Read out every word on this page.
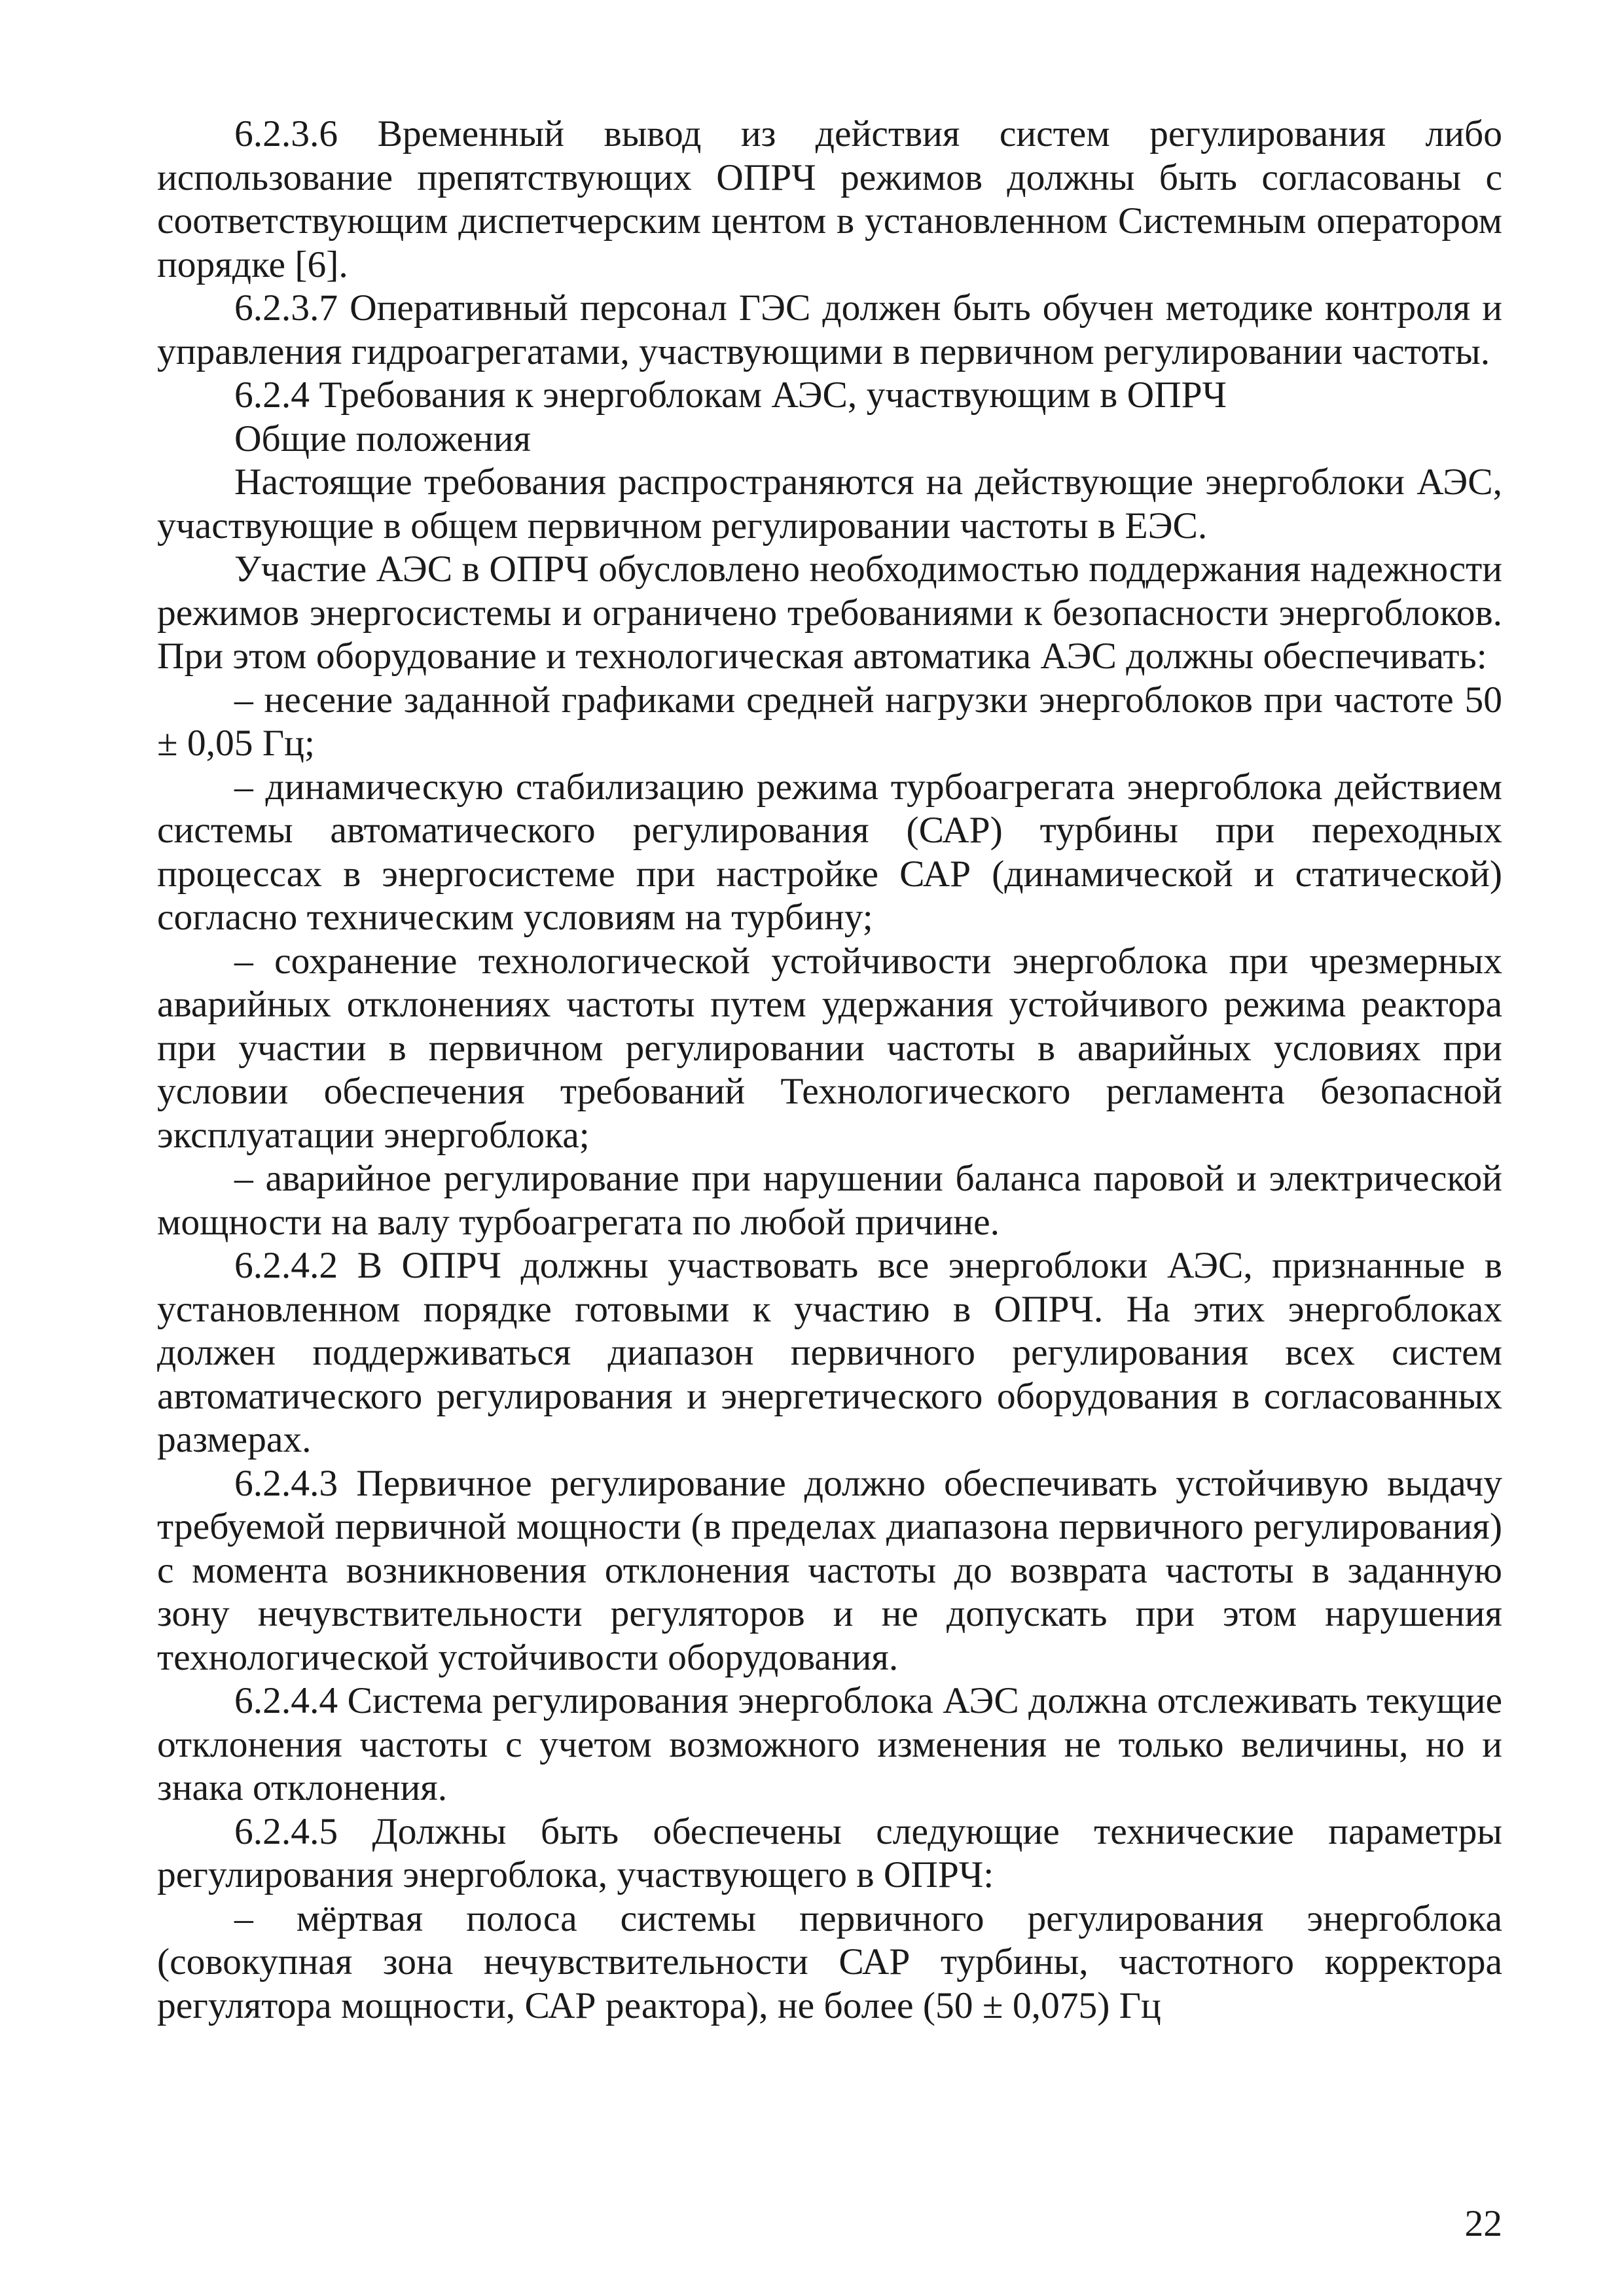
6.2.3.6 Временный вывод из действия систем регулирования либо использование препятствующих ОПРЧ режимов должны быть согласованы с соответствующим диспетчерским центом в установленном Системным оператором порядке [6].

6.2.3.7 Оперативный персонал ГЭС должен быть обучен методике контроля и управления гидроагрегатами, участвующими в первичном регулировании частоты.

6.2.4 Требования к энергоблокам АЭС, участвующим в ОПРЧ

Общие положения

Настоящие требования распространяются на действующие энергоблоки АЭС, участвующие в общем первичном регулировании частоты в ЕЭС.

Участие АЭС в ОПРЧ обусловлено необходимостью поддержания надежности режимов энергосистемы и ограничено требованиями к безопасности энергоблоков. При этом оборудование и технологическая автоматика АЭС должны обеспечивать:

– несение заданной графиками средней нагрузки энергоблоков при частоте 50 ± 0,05 Гц;

– динамическую стабилизацию режима турбоагрегата энергоблока действием системы автоматического регулирования (САР) турбины при переходных процессах в энергосистеме при настройке САР (динамической и статической) согласно техническим условиям на турбину;

– сохранение технологической устойчивости энергоблока при чрезмерных аварийных отклонениях частоты путем удержания устойчивого режима реактора при участии в первичном регулировании частоты в аварийных условиях при условии обеспечения требований Технологического регламента безопасной эксплуатации энергоблока;

– аварийное регулирование при нарушении баланса паровой и электрической мощности на валу турбоагрегата по любой причине.

6.2.4.2 В ОПРЧ должны участвовать все энергоблоки АЭС, признанные в установленном порядке готовыми к участию в ОПРЧ. На этих энергоблоках должен поддерживаться диапазон первичного регулирования всех систем автоматического регулирования и энергетического оборудования в согласованных размерах.

6.2.4.3 Первичное регулирование должно обеспечивать устойчивую выдачу требуемой первичной мощности (в пределах диапазона первичного регулирования) с момента возникновения отклонения частоты до возврата частоты в заданную зону нечувствительности регуляторов и не допускать при этом нарушения технологической устойчивости оборудования.

6.2.4.4 Система регулирования энергоблока АЭС должна отслеживать текущие отклонения частоты с учетом возможного изменения не только величины, но и знака отклонения.

6.2.4.5 Должны быть обеспечены следующие технические параметры регулирования энергоблока, участвующего в ОПРЧ:

– мёртвая полоса системы первичного регулирования энергоблока (совокупная зона нечувствительности САР турбины, частотного корректора регулятора мощности, САР реактора), не более (50 ± 0,075) Гц

22
